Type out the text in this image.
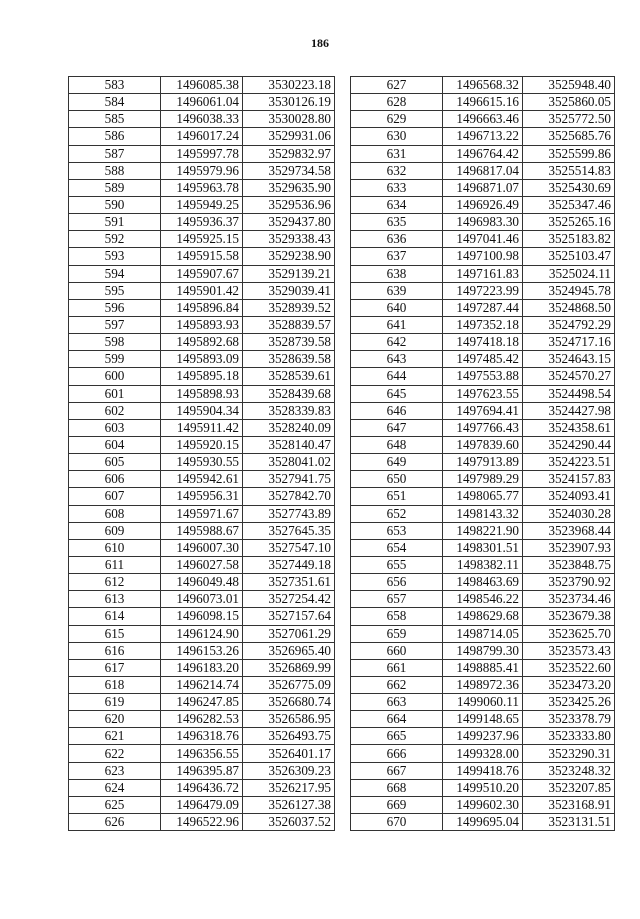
186
583	1496085.38	3530223.18
584	1496061.04	3530126.19
585	1496038.33	3530028.80
586	1496017.24	3529931.06
587	1495997.78	3529832.97
588	1495979.96	3529734.58
589	1495963.78	3529635.90
590	1495949.25	3529536.96
591	1495936.37	3529437.80
592	1495925.15	3529338.43
593	1495915.58	3529238.90
594	1495907.67	3529139.21
595	1495901.42	3529039.41
596	1495896.84	3528939.52
597	1495893.93	3528839.57
598	1495892.68	3528739.58
599	1495893.09	3528639.58
600	1495895.18	3528539.61
601	1495898.93	3528439.68
602	1495904.34	3528339.83
603	1495911.42	3528240.09
604	1495920.15	3528140.47
605	1495930.55	3528041.02
606	1495942.61	3527941.75
607	1495956.31	3527842.70
608	1495971.67	3527743.89
609	1495988.67	3527645.35
610	1496007.30	3527547.10
611	1496027.58	3527449.18
612	1496049.48	3527351.61
613	1496073.01	3527254.42
614	1496098.15	3527157.64
615	1496124.90	3527061.29
616	1496153.26	3526965.40
617	1496183.20	3526869.99
618	1496214.74	3526775.09
619	1496247.85	3526680.74
620	1496282.53	3526586.95
621	1496318.76	3526493.75
622	1496356.55	3526401.17
623	1496395.87	3526309.23
624	1496436.72	3526217.95
625	1496479.09	3526127.38
626	1496522.96	3526037.52
627	1496568.32	3525948.40
628	1496615.16	3525860.05
629	1496663.46	3525772.50
630	1496713.22	3525685.76
631	1496764.42	3525599.86
632	1496817.04	3525514.83
633	1496871.07	3525430.69
634	1496926.49	3525347.46
635	1496983.30	3525265.16
636	1497041.46	3525183.82
637	1497100.98	3525103.47
638	1497161.83	3525024.11
639	1497223.99	3524945.78
640	1497287.44	3524868.50
641	1497352.18	3524792.29
642	1497418.18	3524717.16
643	1497485.42	3524643.15
644	1497553.88	3524570.27
645	1497623.55	3524498.54
646	1497694.41	3524427.98
647	1497766.43	3524358.61
648	1497839.60	3524290.44
649	1497913.89	3524223.51
650	1497989.29	3524157.83
651	1498065.77	3524093.41
652	1498143.32	3524030.28
653	1498221.90	3523968.44
654	1498301.51	3523907.93
655	1498382.11	3523848.75
656	1498463.69	3523790.92
657	1498546.22	3523734.46
658	1498629.68	3523679.38
659	1498714.05	3523625.70
660	1498799.30	3523573.43
661	1498885.41	3523522.60
662	1498972.36	3523473.20
663	1499060.11	3523425.26
664	1499148.65	3523378.79
665	1499237.96	3523333.80
666	1499328.00	3523290.31
667	1499418.76	3523248.32
668	1499510.20	3523207.85
669	1499602.30	3523168.91
670	1499695.04	3523131.51
